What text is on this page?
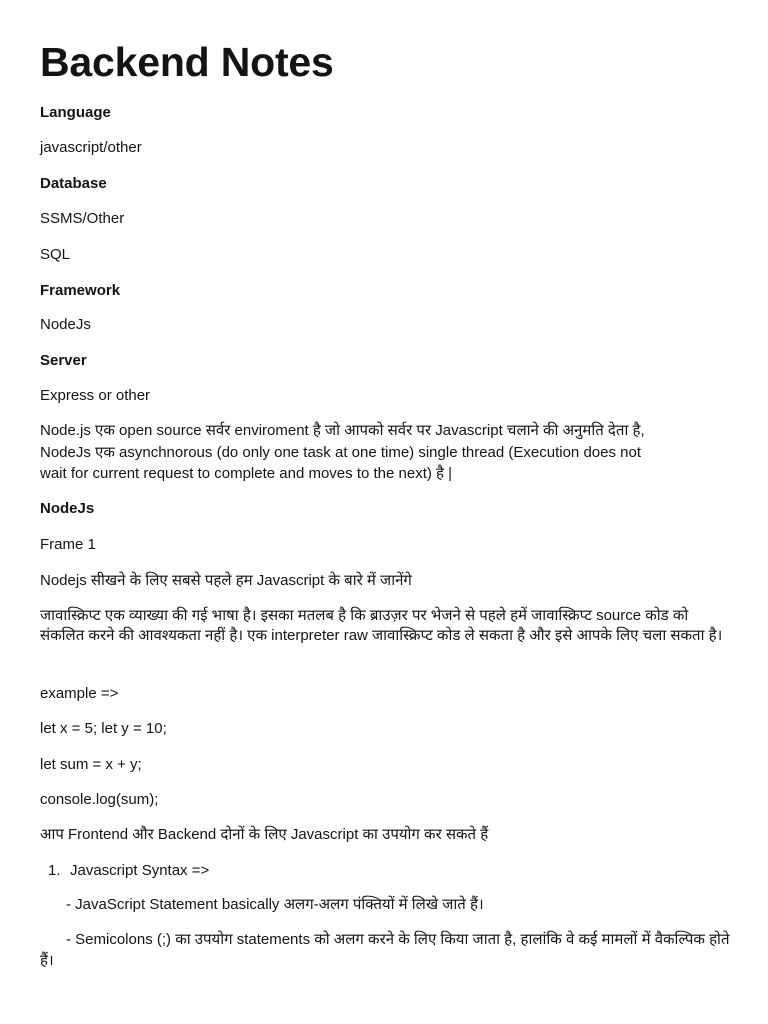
Backend Notes

Language

javascript/other

Database

SSMS/Other

SQL

Framework

NodeJs

Server

Express or other

Node.js एक open source सर्वर enviroment है जो आपको सर्वर पर Javascript चलाने की अनुमति देता है,

NodeJs एक asynchnorous (do only one task at one time) single thread (Execution does not

wait for current request to complete and moves to the next) है |

NodeJs

Frame 1

Nodejs सीखने के लिए सबसे पहले हम Javascript के बारे में जानेंगे

जावास्क्रिप्ट एक व्याख्या की गई भाषा है। इसका मतलब है कि ब्राउज़र पर भेजने से पहले हमें जावास्क्रिप्ट source कोड को संकलित करने की आवश्यकता नहीं है। एक interpreter raw जावास्क्रिप्ट कोड ले सकता है और इसे आपके लिए चला सकता है।

example =>

let x = 5; let y = 10;

let sum = x + y;

console.log(sum);

आप Frontend और Backend दोनों के लिए Javascript का उपयोग कर सकते हैं

1. Javascript Syntax =>

- JavaScript Statement basically अलग-अलग पंक्तियों में लिखे जाते हैं।

- Semicolons (;) का उपयोग statements को अलग करने के लिए किया जाता है, हालांकि वे कई मामलों में वैकल्पिक होते हैं।
